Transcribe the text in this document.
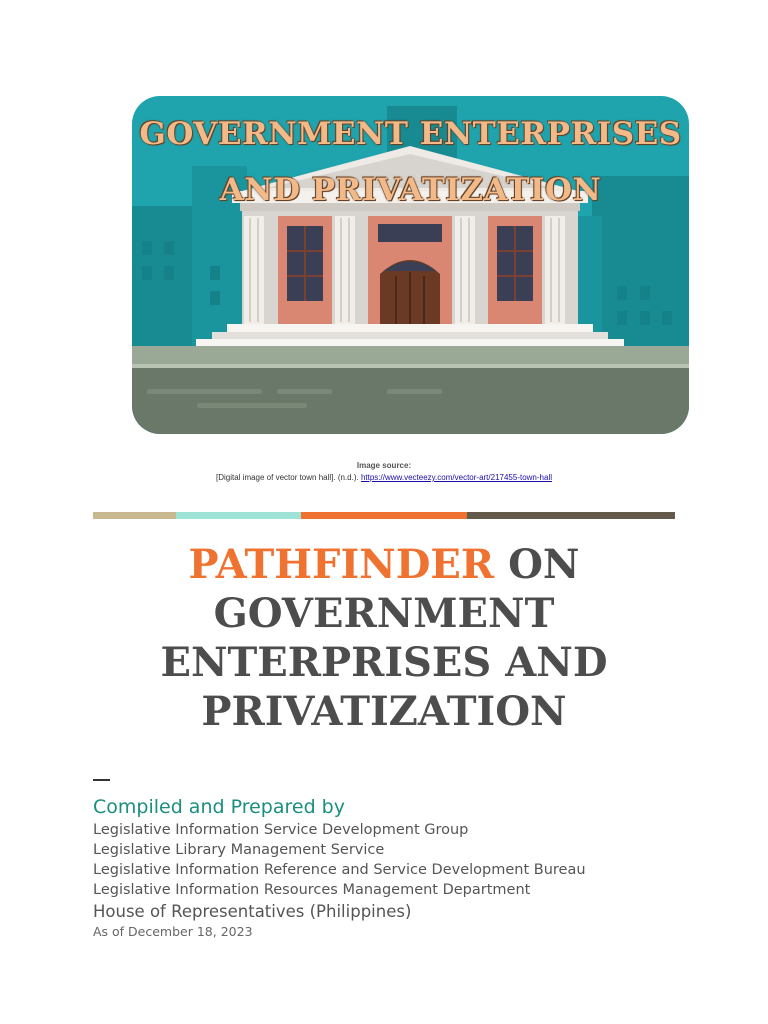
GOVERNMENT ENTERPRISES
AND PRIVATIZATION
Image source:
[Digital image of vector town hall]. (n.d.). https://www.vecteezy.com/vector-art/217455-town-hall
PATHFINDER ON
GOVERNMENT
ENTERPRISES AND
PRIVATIZATION
Compiled and Prepared by
Legislative Information Service Development Group
Legislative Library Management Service
Legislative Information Reference and Service Development Bureau
Legislative Information Resources Management Department
House of Representatives (Philippines)
As of December 18, 2023
